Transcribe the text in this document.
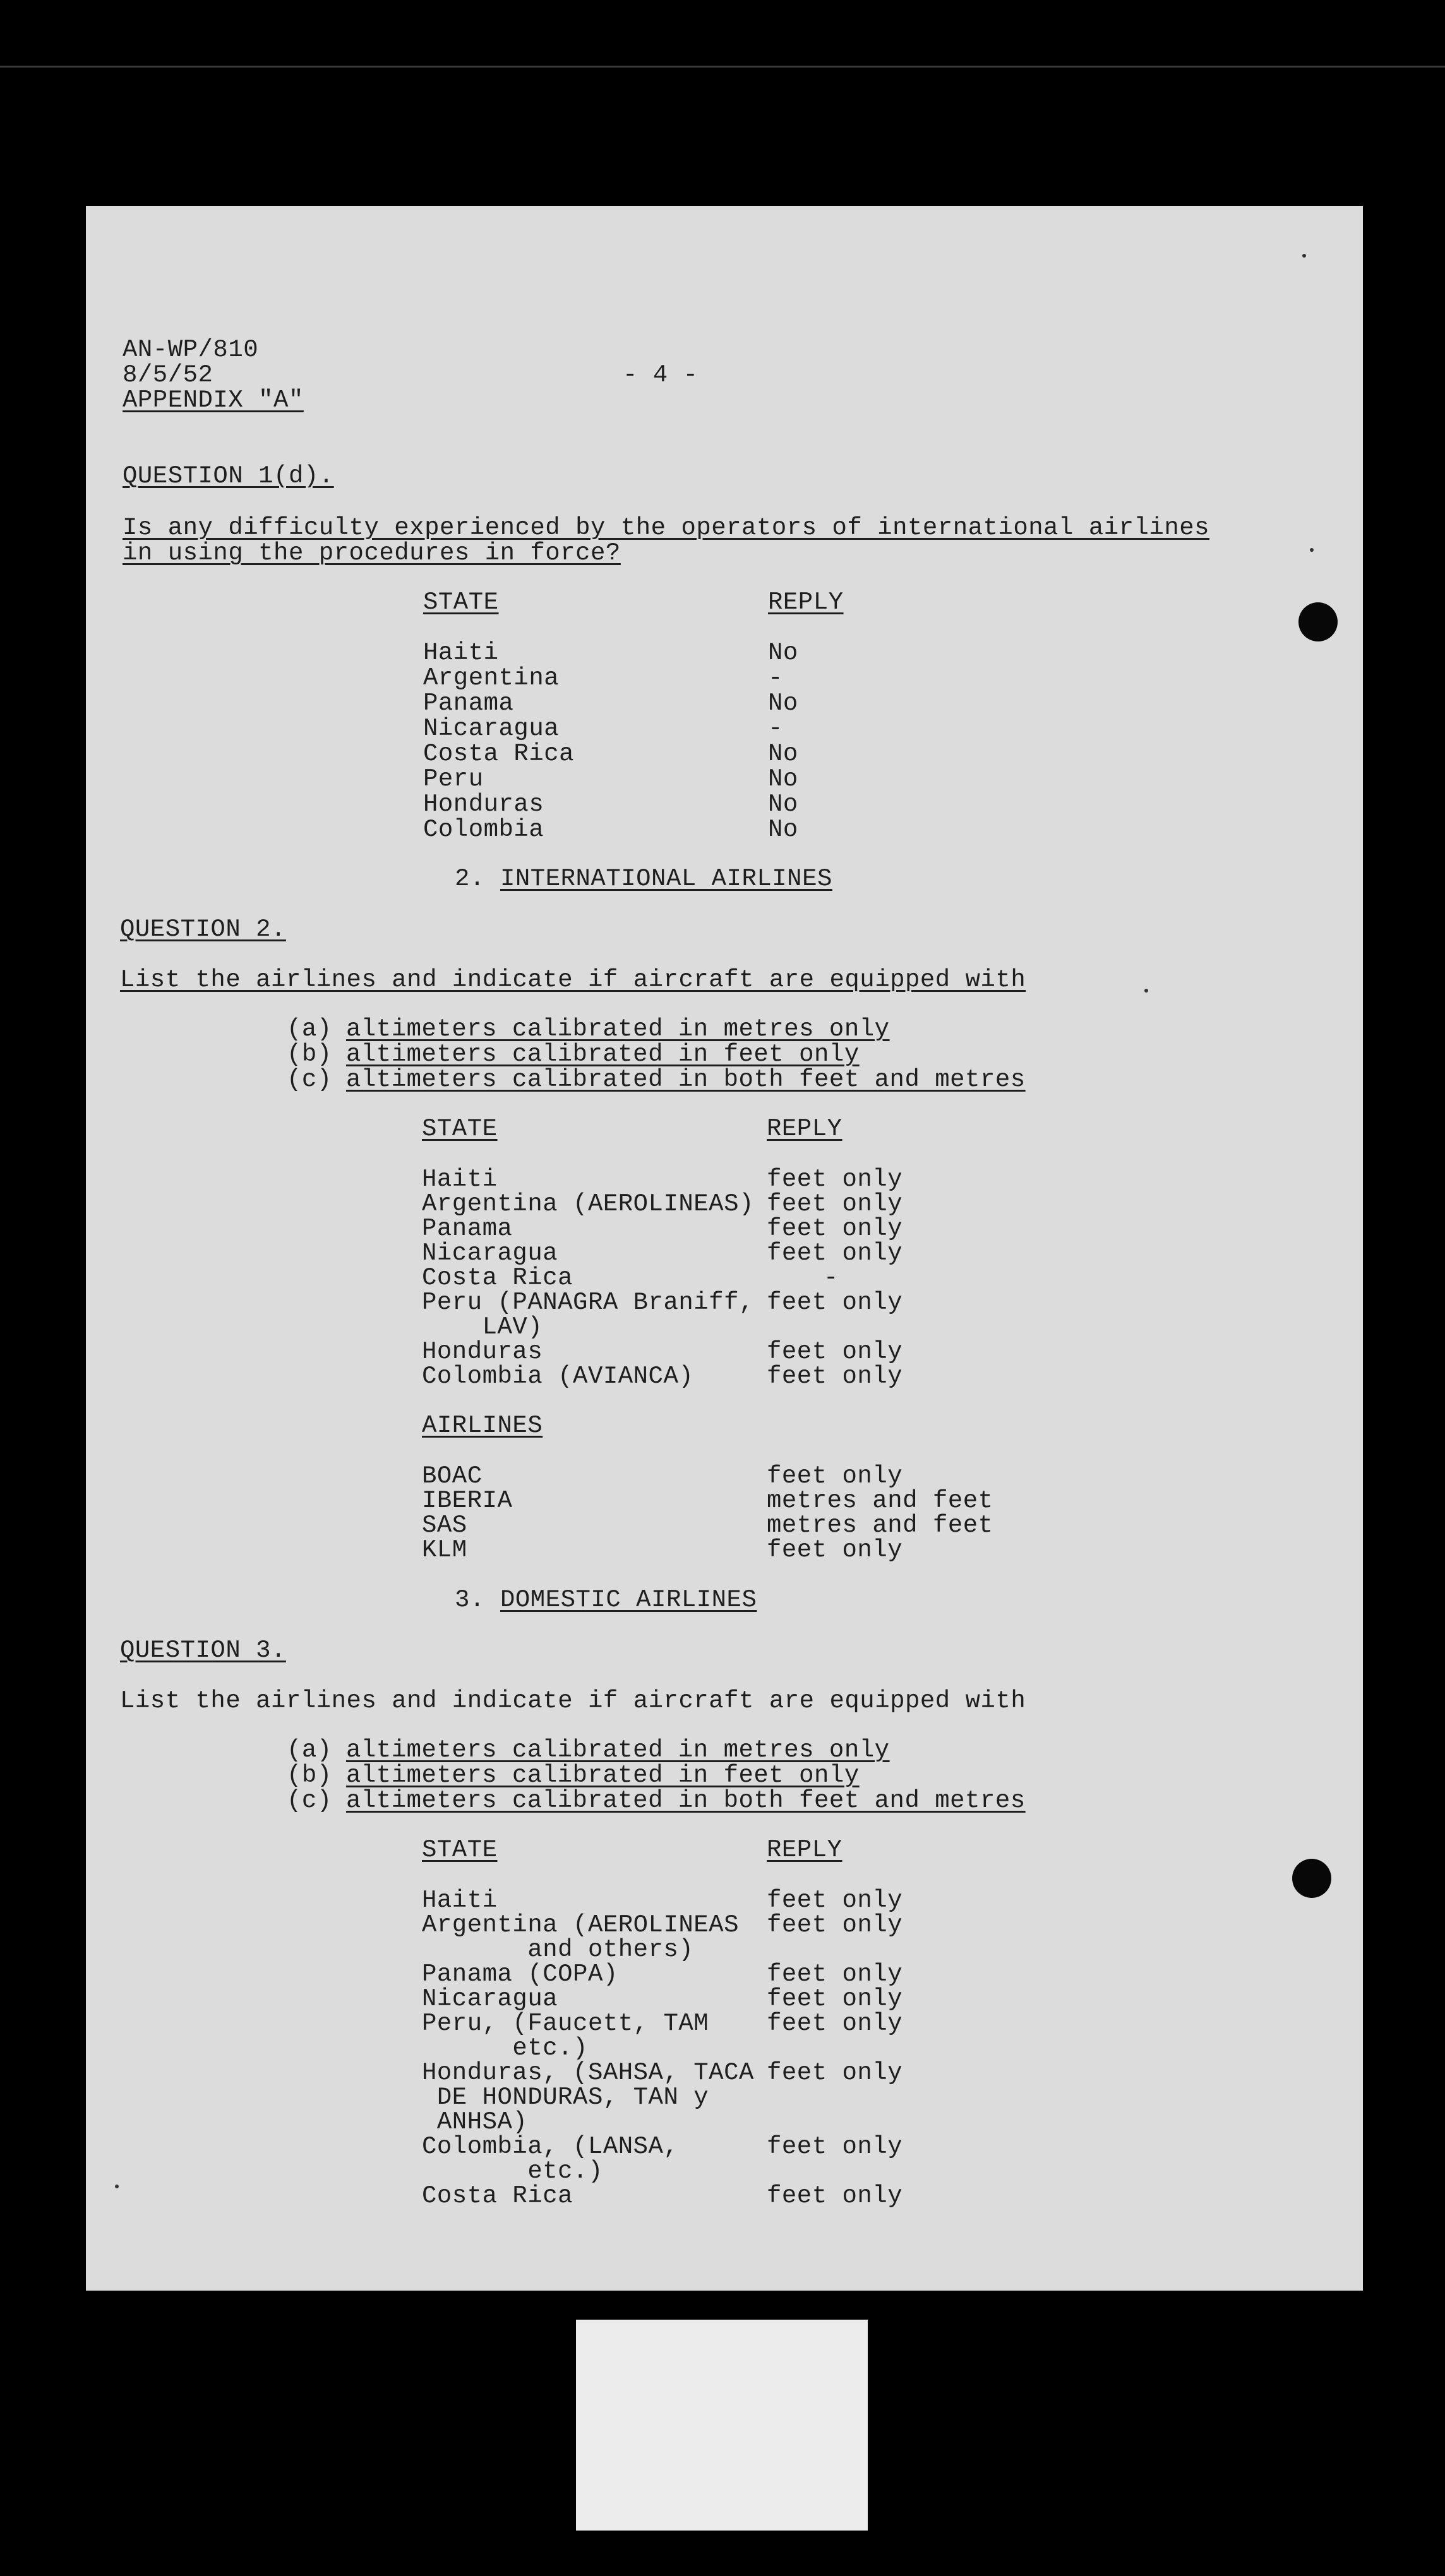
AN-WP/810
8/5/52
APPENDIX "A"
- 4 -
QUESTION 1(d).
Is any difficulty experienced by the operators of international airlines
in using the procedures in force?
STATE	REPLY
Haiti	No
Argentina	-
Panama	No
Nicaragua	-
Costa Rica	No
Peru	No
Honduras	No
Colombia	No
2. INTERNATIONAL AIRLINES
QUESTION 2.
List the airlines and indicate if aircraft are equipped with
(a) altimeters calibrated in metres only
(b) altimeters calibrated in feet only
(c) altimeters calibrated in both feet and metres
STATE	REPLY
Haiti	feet only
Argentina (AEROLINEAS) feet only
Panama	feet only
Nicaragua	feet only
Costa Rica	-
Peru (PANAGRA Braniff, feet only
LAV)
Honduras	feet only
Colombia (AVIANCA)	feet only
AIRLINES
BOAC	feet only
IBERIA	metres and feet
SAS	metres and feet
KLM	feet only
3. DOMESTIC AIRLINES
QUESTION 3.
List the airlines and indicate if aircraft are equipped with
(a) altimeters calibrated in metres only
(b) altimeters calibrated in feet only
(c) altimeters calibrated in both feet and metres
STATE	REPLY
Haiti	feet only
Argentina (AEROLINEAS feet only
and others)
Panama (COPA)	feet only
Nicaragua	feet only
Peru, (Faucett, TAM feet only
etc.)
Honduras, (SAHSA, TACA feet only
DE HONDURAS, TAN y
ANHSA)
Colombia, (LANSA,	feet only
etc.)
Costa Rica	feet only
